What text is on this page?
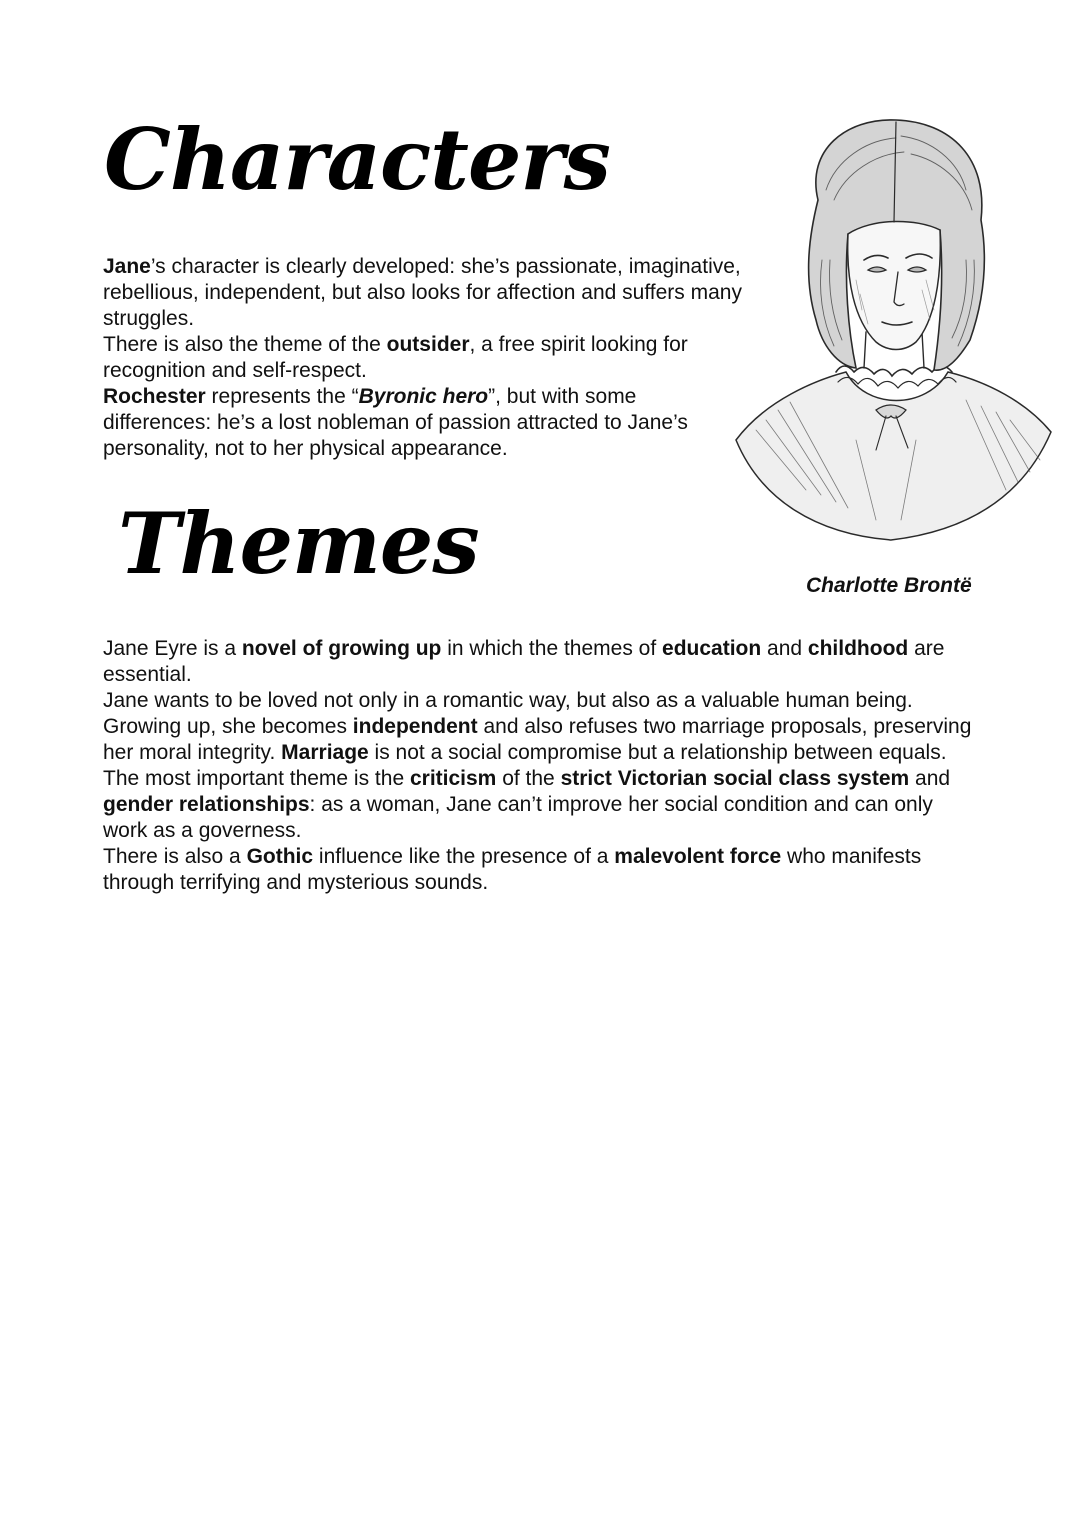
Characters

Jane’s character is clearly developed: she’s passionate, imaginative, rebellious, independent, but also looks for affection and suffers many struggles.

There is also the theme of the outsider, a free spirit looking for recognition and self-respect.

Rochester represents the “Byronic hero”, but with some differences: he’s a lost nobleman of passion attracted to Jane’s personality, not to her physical appearance.

Charlotte Brontë
Themes

Jane Eyre is a novel of growing up in which the themes of education and childhood are essential.

Jane wants to be loved not only in a romantic way, but also as a valuable human being. Growing up, she becomes independent and also refuses two marriage proposals, preserving her moral integrity. Marriage is not a social compromise but a relationship between equals.

The most important theme is the criticism of the strict Victorian social class system and gender relationships: as a woman, Jane can’t improve her social condition and can only work as a governess.

There is also a Gothic influence like the presence of a malevolent force who manifests through terrifying and mysterious sounds.
